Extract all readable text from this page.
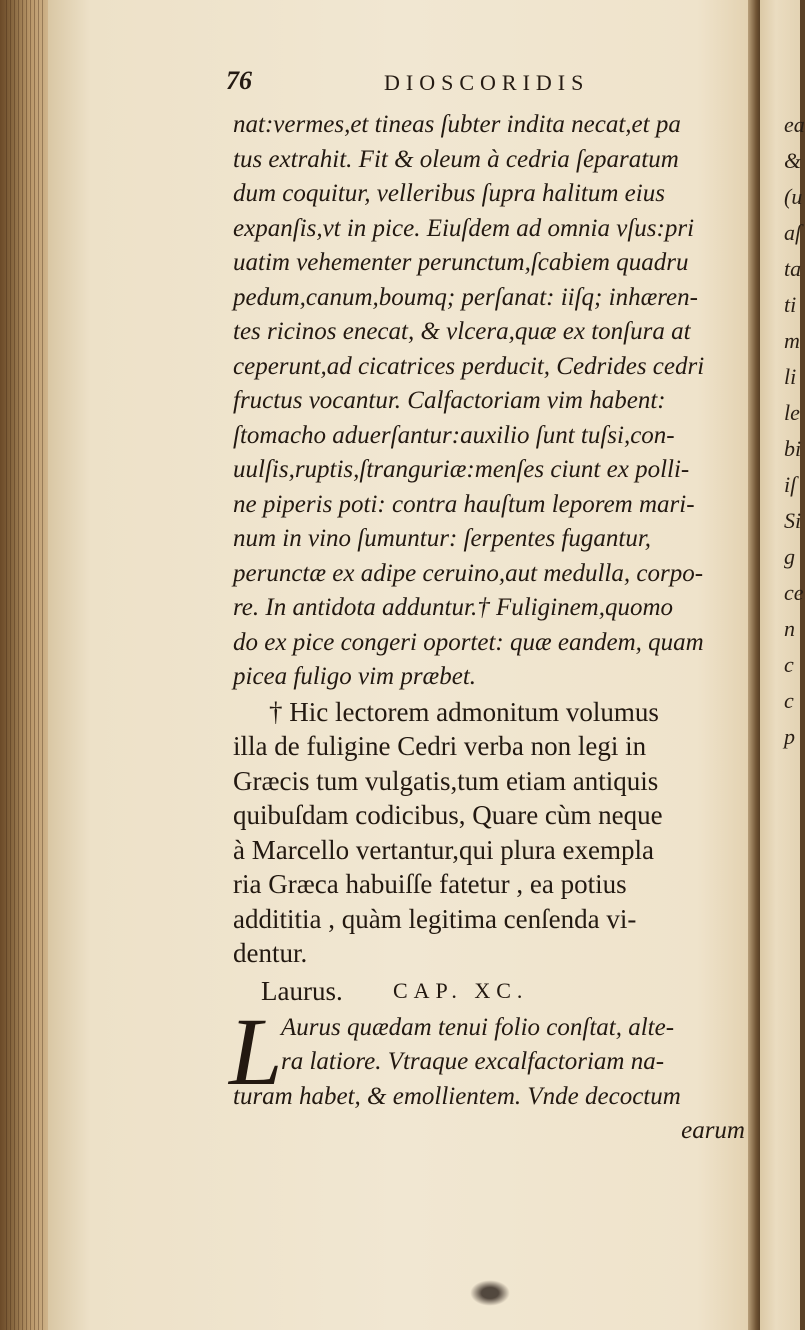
ea
&
(u
aſ
ta
ti
m
li
le
bi
iſ
Si
g
ce
n
c
c
p
76	DIOSCORIDIS
nat:vermes,et tineas ſubter indita necat,et pa
tus extrahit. Fit & oleum à cedria ſeparatum
dum coquitur, velleribus ſupra halitum eius
expanſis,vt in pice. Eiuſdem ad omnia vſus:pri
uatim vehementer perunctum,ſcabiem quadru
pedum,canum,boumq; perſanat: iiſq; inhæren-
tes ricinos enecat, & vlcera,quæ ex tonſura at
ceperunt,ad cicatrices perducit, Cedrides cedri
fructus vocantur. Calfactoriam vim habent:
ſtomacho aduerſantur:auxilio ſunt tuſsi,con-
uulſis,ruptis,ſtranguriæ:menſes ciunt ex polli-
ne piperis poti: contra hauſtum leporem mari-
num in vino ſumuntur: ſerpentes fugantur,
perunctæ ex adipe ceruino,aut medulla, corpo-
re. In antidota adduntur.† Fuliginem,quomo
do ex pice congeri oportet: quæ eandem, quam
picea fuligo vim præbet.
† Hic lectorem admonitum volumus
illa de fuligine Cedri verba non legi in
Græcis tum vulgatis,tum etiam antiquis
quibuſdam codicibus, Quare cùm neque
à Marcello vertantur,qui plura exempla
ria Græca habuiſſe fatetur , ea potius
addititia , quàm legitima cenſenda vi-
dentur.
Laurus. CAP. XC.
L
Aurus quædam tenui folio conſtat, alte-
ra latiore. Vtraque excalfactoriam na-
turam habet, & emollientem. Vnde decoctum
earum
